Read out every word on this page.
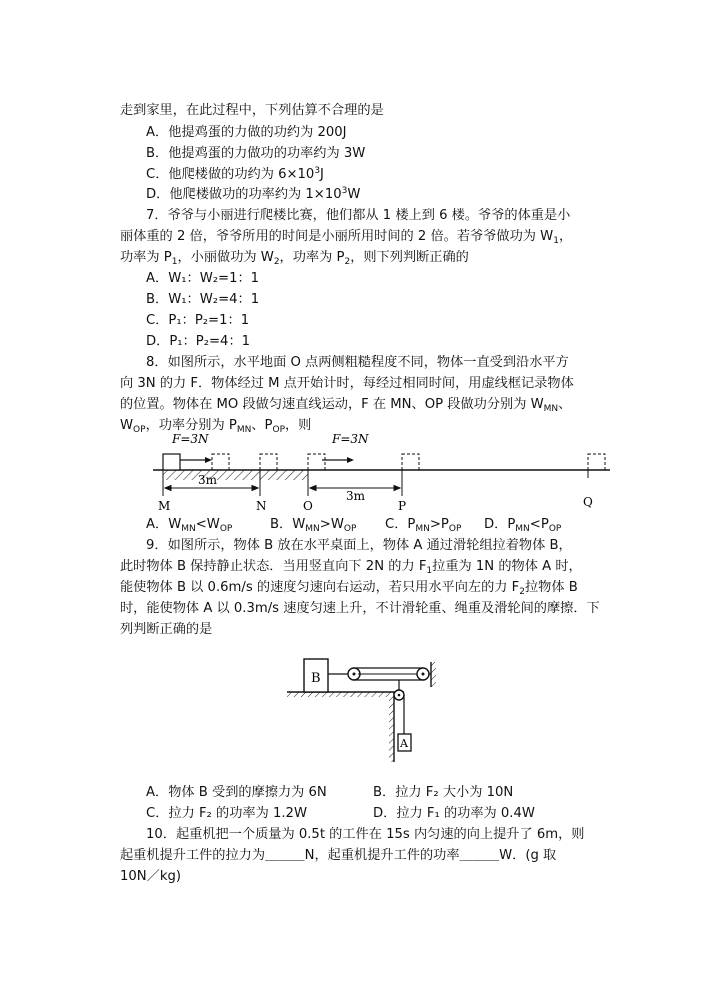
走到家里，在此过程中，下列估算不合理的是
A．他提鸡蛋的力做的功约为 200J
B．他提鸡蛋的力做功的功率约为 3W
C．他爬楼做的功约为 $6\times 10^3J$
D．他爬楼做功的功率约为 $1\times 10^3W$
7．爷爷与小丽进行爬楼比赛，他们都从 1 楼上到 6 楼。爷爷的体重是小
丽体重的 2 倍，爷爷所用的时间是小丽所用时间的 2 倍。若爷爷做功为 $W_1$，
功率为 $P_1$，小丽做功为 $W_2$，功率为 $P_2$，则下列判断正确的
A．W₁：W₂=1：1
B．W₁：W₂=4：1
C．P₁：P₂=1：1
D．P₁：P₂=4：1
8．如图所示，水平地面 O 点两侧粗糙程度不同，物体一直受到沿水平方
向 3N 的力 F．物体经过 M 点开始计时，每经过相同时间，用虚线框记录物体
的位置。物体在 MO 段做匀速直线运动，F 在 MN、OP 段做功分别为 $W_{MN}$、
$W_{OP}$，功率分别为 $P_{MN}$、$P_{OP}$，则
F=3N	F=3N
3m
3m
M	N	O	P	Q
A．$W_{MN}<W_{OP}$	B．$W_{MN}>W_{OP}$ C．$P_{MN}>P_{OP}$ D．$P_{MN}<P_{OP}$
9．如图所示，物体 B 放在水平桌面上，物体 A 通过滑轮组拉着物体 B，
此时物体 B 保持静止状态．当用竖直向下 2N 的力 $F_1$拉重为 1N 的物体 A 时，
能使物体 B 以 0.6m/s 的速度匀速向右运动，若只用水平向左的力 $F_2$拉物体 B
时，能使物体 A 以 0.3m/s 速度匀速上升，不计滑轮重、绳重及滑轮间的摩擦．下
列判断正确的是
B
A
A．物体 B 受到的摩擦力为 6N	B．拉力 F₂ 大小为 10N
C．拉力 F₂ 的功率为 1.2W	D．拉力 F₁ 的功率为 0.4W
10．起重机把一个质量为 0.5t 的工件在 15s 内匀速的向上提升了 6m，则
起重机提升工件的拉力为＿＿＿N，起重机提升工件的功率＿＿＿W．(g 取
10N／kg)
